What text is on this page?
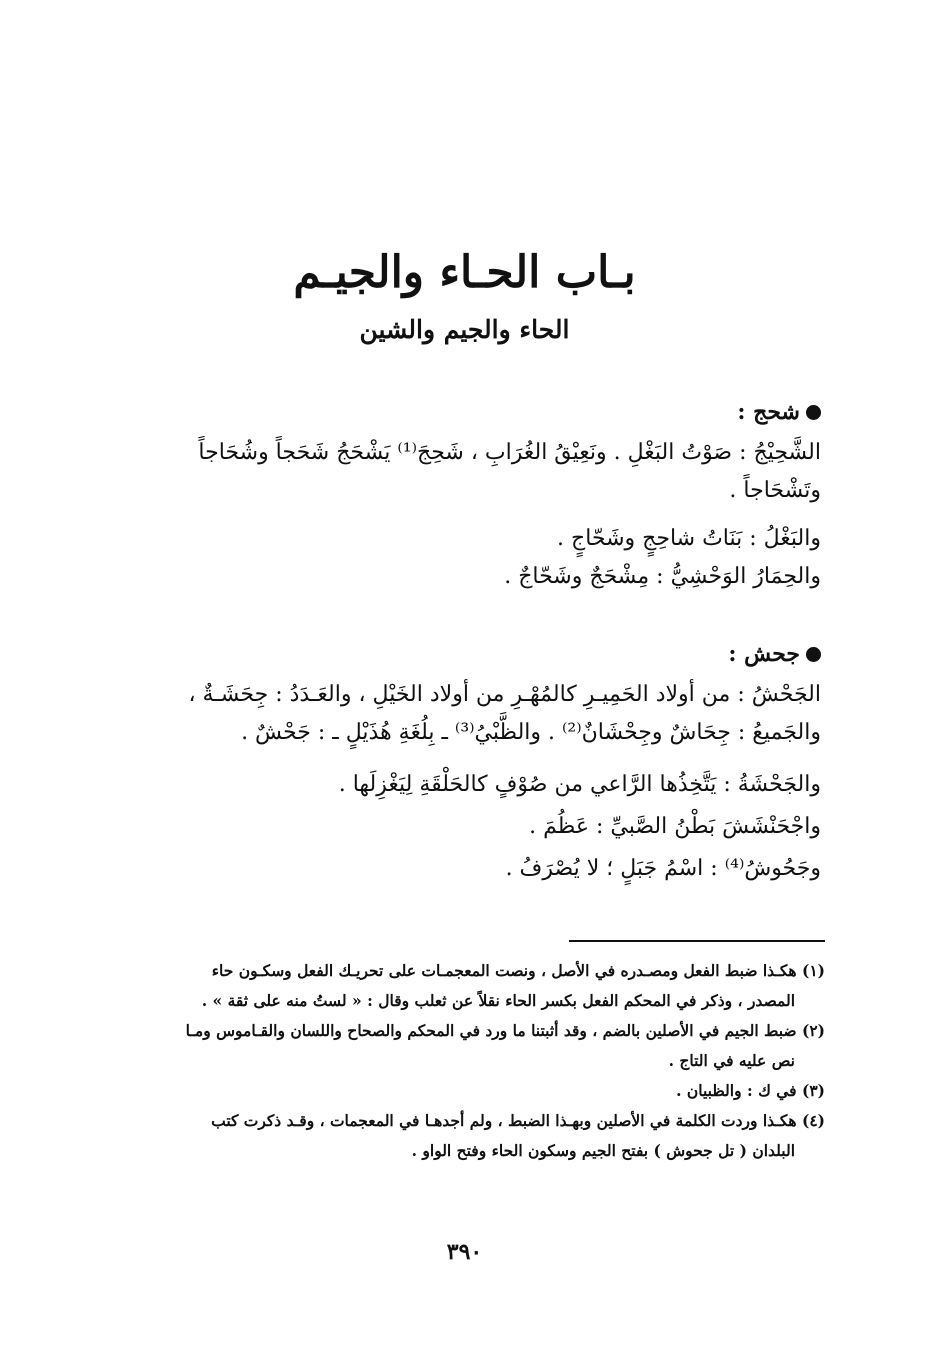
بـاب الحـاء والجيـم
الحاء والجيم والشين
شحج :
الشَّحِيْجُ : صَوْتُ البَغْلِ . ونَعِيْقُ الغُرَابِ ، شَحِجَ⁽¹⁾ يَشْحَجُ شَحَجاً وشُحَاجاً
وتَشْحَاجاً .
والبَغْلُ : بَنَاتُ شاحِجٍ وشَحّاجٍ .
والحِمَارُ الوَحْشِيُّ : مِشْحَجٌ وشَحّاجٌ .
جحش :
الجَحْشُ : من أولاد الحَمِيـرِ كالمُهْـرِ من أولاد الخَيْلِ ، والعَـدَدُ : جِحَشَـةٌ ،
والجَميعُ : جِحَاشٌ وجِحْشَانٌ⁽²⁾ . والظَّبْيُ⁽³⁾ ـ بِلُغَةِ هُذَيْلٍ ـ : جَحْشٌ .
والجَحْشَةُ : يَتَّخِذُها الرَّاعي من صُوْفٍ كالحَلْقَةِ لِيَغْزِلَها .
واجْحَنْشَشَ بَطْنُ الصَّبيِّ : عَظُمَ .
وجَحُوشُ⁽⁴⁾ : اسْمُ جَبَلٍ ؛ لا يُصْرَفُ .
(١) هكـذا ضبط الفعل ومصـدره في الأصل ، ونصت المعجمـات على تحريـك الفعل وسكـون حاء
المصدر ، وذكر في المحكم الفعل بكسر الحاء نقلاً عن ثعلب وقال : « لستُ منه على ثقة » .
(٢) ضبط الجيم في الأصلين بالضم ، وقد أثبتنا ما ورد في المحكم والصحاح واللسان والقـاموس ومـا
نص عليه في التاج .
(٣) في ك : والظبيان .
(٤) هكـذا وردت الكلمة في الأصلين وبهـذا الضبط ، ولم أجدهـا في المعجمات ، وقـد ذكرت كتب
البلدان ( تل جحوش ) بفتح الجيم وسكون الحاء وفتح الواو .
٣٩٠
